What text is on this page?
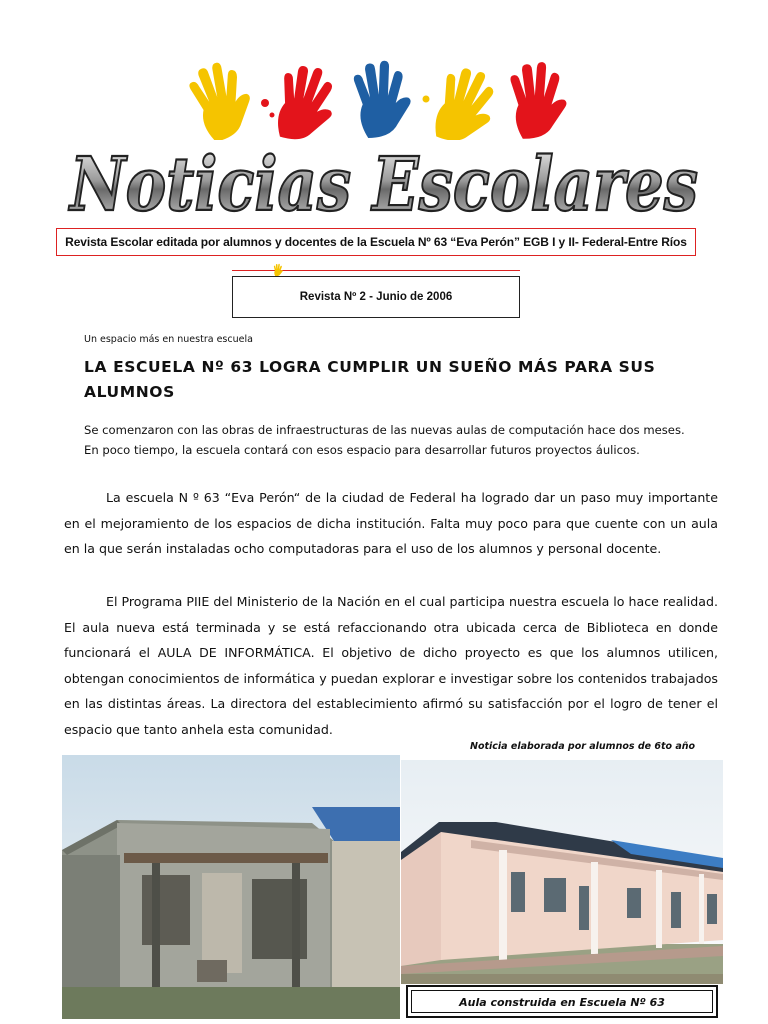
Noticias Escolares
Revista Escolar editada por alumnos y docentes de la Escuela Nº 63 “Eva Perón” EGB I y II- Federal-Entre Ríos
Revista Nº 2 - Junio de 2006
Un espacio más en nuestra escuela
LA ESCUELA Nº 63 LOGRA CUMPLIR UN SUEÑO MÁS PARA SUS ALUMNOS
Se comenzaron con las obras de infraestructuras de las nuevas aulas de computación hace dos meses. En poco tiempo, la escuela contará con esos espacio para desarrollar futuros proyectos áulicos.
La escuela N º 63 “Eva Perón“ de la ciudad de Federal ha logrado dar un paso muy importante en el mejoramiento de los espacios de dicha institución. Falta muy poco para que cuente con un aula en la que serán instaladas ocho computadoras para el uso de los alumnos y personal docente.
El Programa PIIE del Ministerio de la Nación en el cual participa nuestra escuela lo hace realidad. El aula nueva está terminada y se está refaccionando otra ubicada cerca de Biblioteca en donde funcionará el AULA DE INFORMÁTICA. El objetivo de dicho proyecto es que los alumnos utilicen, obtengan conocimientos de informática y puedan explorar e investigar sobre los contenidos trabajados en las distintas áreas. La directora del establecimiento afirmó su satisfacción por el logro de tener el espacio que tanto anhela esta comunidad.
Noticia elaborada por alumnos de 6to año
Aula construida en Escuela Nº 63
